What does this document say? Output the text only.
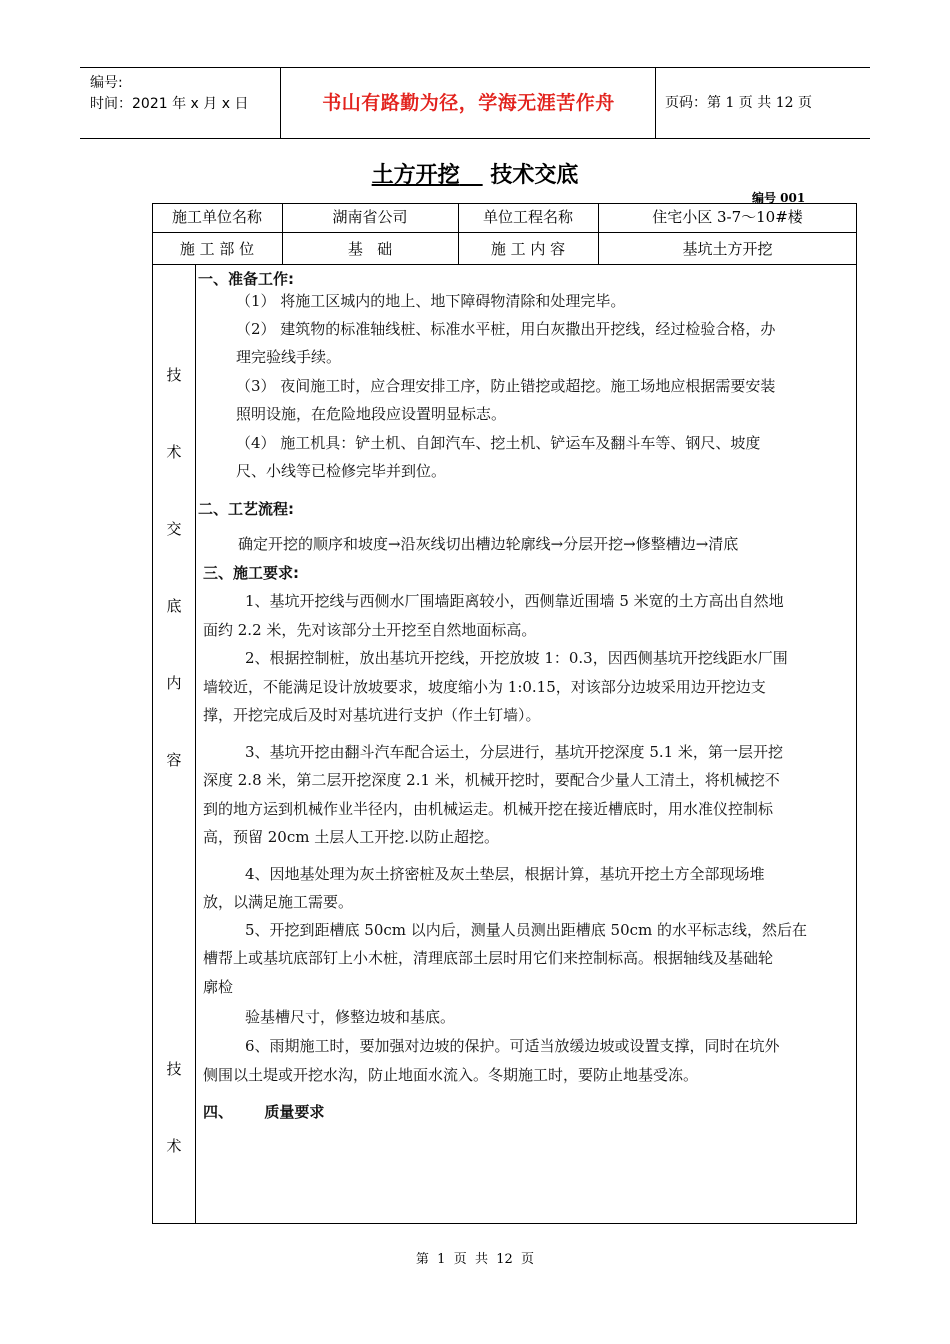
编号:
时间：2021 年 x 月 x 日	书山有路勤为径，学海无涯苦作舟	页码：第 1 页 共 12 页
土方开挖 技术交底
编号 001
施工单位名称	湖南省公司	单位工程名称	住宅小区 3-7～10#楼
施 工 部 位	基   础	施 工 内 容	基坑土方开挖
技
术
交
底
内
容
技
术
一、准备工作:
（1） 将施工区城内的地上、地下障碍物清除和处理完毕。
（2） 建筑物的标准轴线桩、标准水平桩，用白灰撒出开挖线，经过检验合格，办
理完验线手续。
（3） 夜间施工时，应合理安排工序，防止错挖或超挖。施工场地应根据需要安装
照明设施，在危险地段应设置明显标志。
（4） 施工机具：铲土机、自卸汽车、挖土机、铲运车及翻斗车等、钢尺、坡度
尺、小线等已检修完毕并到位。
二、工艺流程:
确定开挖的顺序和坡度→沿灰线切出槽边轮廓线→分层开挖→修整槽边→清底
三、施工要求:
1、基坑开挖线与西侧水厂围墙距离较小，西侧靠近围墙 5 米宽的土方高出自然地
面约 2.2 米，先对该部分土开挖至自然地面标高。
2、根据控制桩，放出基坑开挖线，开挖放坡 1：0.3，因西侧基坑开挖线距水厂围
墙较近，不能满足设计放坡要求，坡度缩小为 1:0.15，对该部分边坡采用边开挖边支
撑，开挖完成后及时对基坑进行支护（作土钉墙）。
3、基坑开挖由翻斗汽车配合运土，分层进行，基坑开挖深度 5.1 米，第一层开挖
深度 2.8 米，第二层开挖深度 2.1 米，机械开挖时，要配合少量人工清土，将机械挖不
到的地方运到机械作业半径内，由机械运走。机械开挖在接近槽底时，用水准仪控制标
高，预留 20cm 土层人工开挖.以防止超挖。
4、因地基处理为灰土挤密桩及灰土垫层，根据计算，基坑开挖土方全部现场堆
放，以满足施工需要。
5、开挖到距槽底 50cm 以内后，测量人员测出距槽底 50cm 的水平标志线，然后在
槽帮上或基坑底部钉上小木桩，清理底部土层时用它们来控制标高。根据轴线及基础轮
廓检
验基槽尺寸，修整边坡和基底。
6、雨期施工时，要加强对边坡的保护。可适当放缓边坡或设置支撑，同时在坑外
侧围以土堤或开挖水沟，防止地面水流入。冬期施工时，要防止地基受冻。
四、      质量要求
第  1  页  共  12  页
